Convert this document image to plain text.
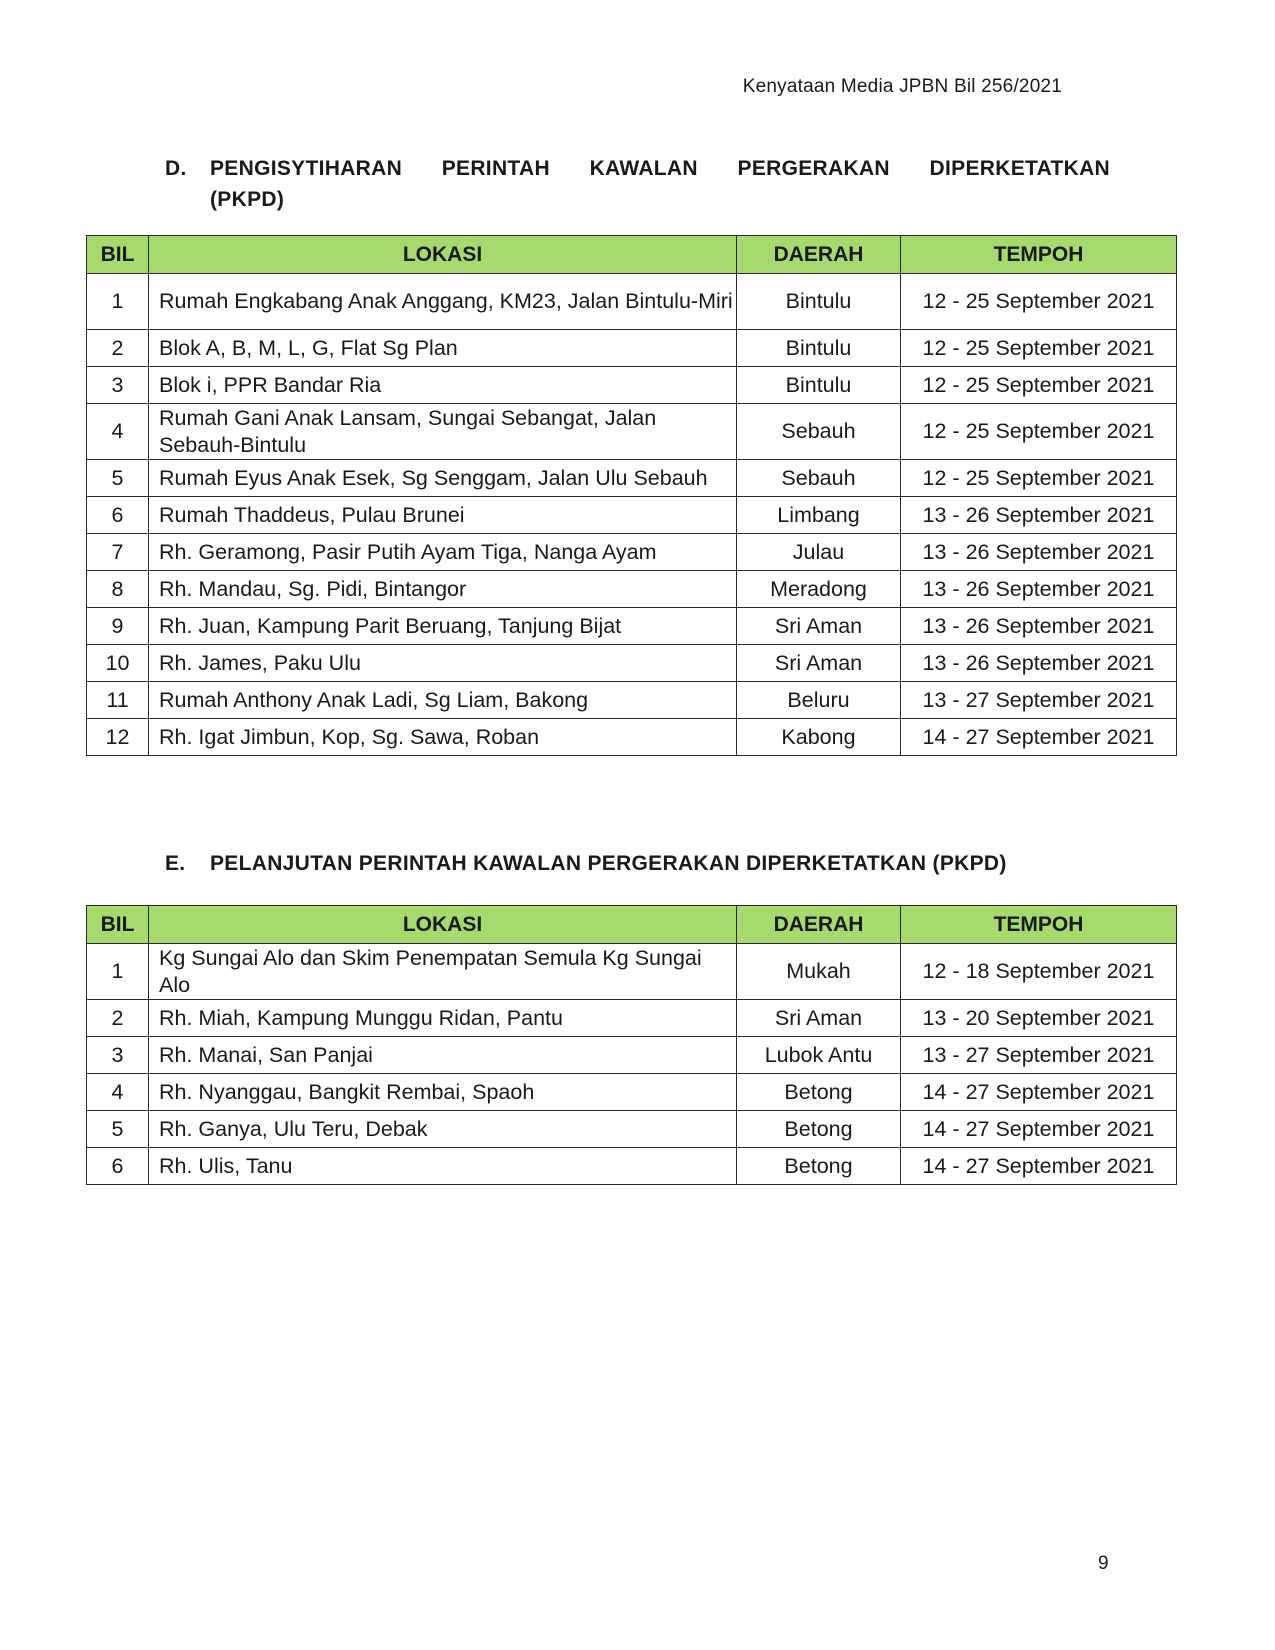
Kenyataan Media JPBN Bil 256/2021
D. PENGISYTIHARAN PERINTAH KAWALAN PERGERAKAN DIPERKETATKAN
(PKPD)
BIL	LOKASI	DAERAH	TEMPOH
1	Rumah Engkabang Anak Anggang, KM23, Jalan Bintulu-Miri	Bintulu	12 - 25 September 2021
2	Blok A, B, M, L, G, Flat Sg Plan	Bintulu	12 - 25 September 2021
3	Blok i, PPR Bandar Ria	Bintulu	12 - 25 September 2021
4	Rumah Gani Anak Lansam, Sungai Sebangat, Jalan Sebauh-Bintulu	Sebauh	12 - 25 September 2021
5	Rumah Eyus Anak Esek, Sg Senggam, Jalan Ulu Sebauh	Sebauh	12 - 25 September 2021
6	Rumah Thaddeus, Pulau Brunei	Limbang	13 - 26 September 2021
7	Rh. Geramong, Pasir Putih Ayam Tiga, Nanga Ayam	Julau	13 - 26 September 2021
8	Rh. Mandau, Sg. Pidi, Bintangor	Meradong	13 - 26 September 2021
9	Rh. Juan, Kampung Parit Beruang, Tanjung Bijat	Sri Aman	13 - 26 September 2021
10	Rh. James, Paku Ulu	Sri Aman	13 - 26 September 2021
11	Rumah Anthony Anak Ladi, Sg Liam, Bakong	Beluru	13 - 27 September 2021
12	Rh. Igat Jimbun, Kop, Sg. Sawa, Roban	Kabong	14 - 27 September 2021
E. PELANJUTAN PERINTAH KAWALAN PERGERAKAN DIPERKETATKAN (PKPD)
BIL	LOKASI	DAERAH	TEMPOH
1	Kg Sungai Alo dan Skim Penempatan Semula Kg Sungai Alo	Mukah	12 - 18 September 2021
2	Rh. Miah, Kampung Munggu Ridan, Pantu	Sri Aman	13 - 20 September 2021
3	Rh. Manai, San Panjai	Lubok Antu	13 - 27 September 2021
4	Rh. Nyanggau, Bangkit Rembai, Spaoh	Betong	14 - 27 September 2021
5	Rh. Ganya, Ulu Teru, Debak	Betong	14 - 27 September 2021
6	Rh. Ulis, Tanu	Betong	14 - 27 September 2021
9
